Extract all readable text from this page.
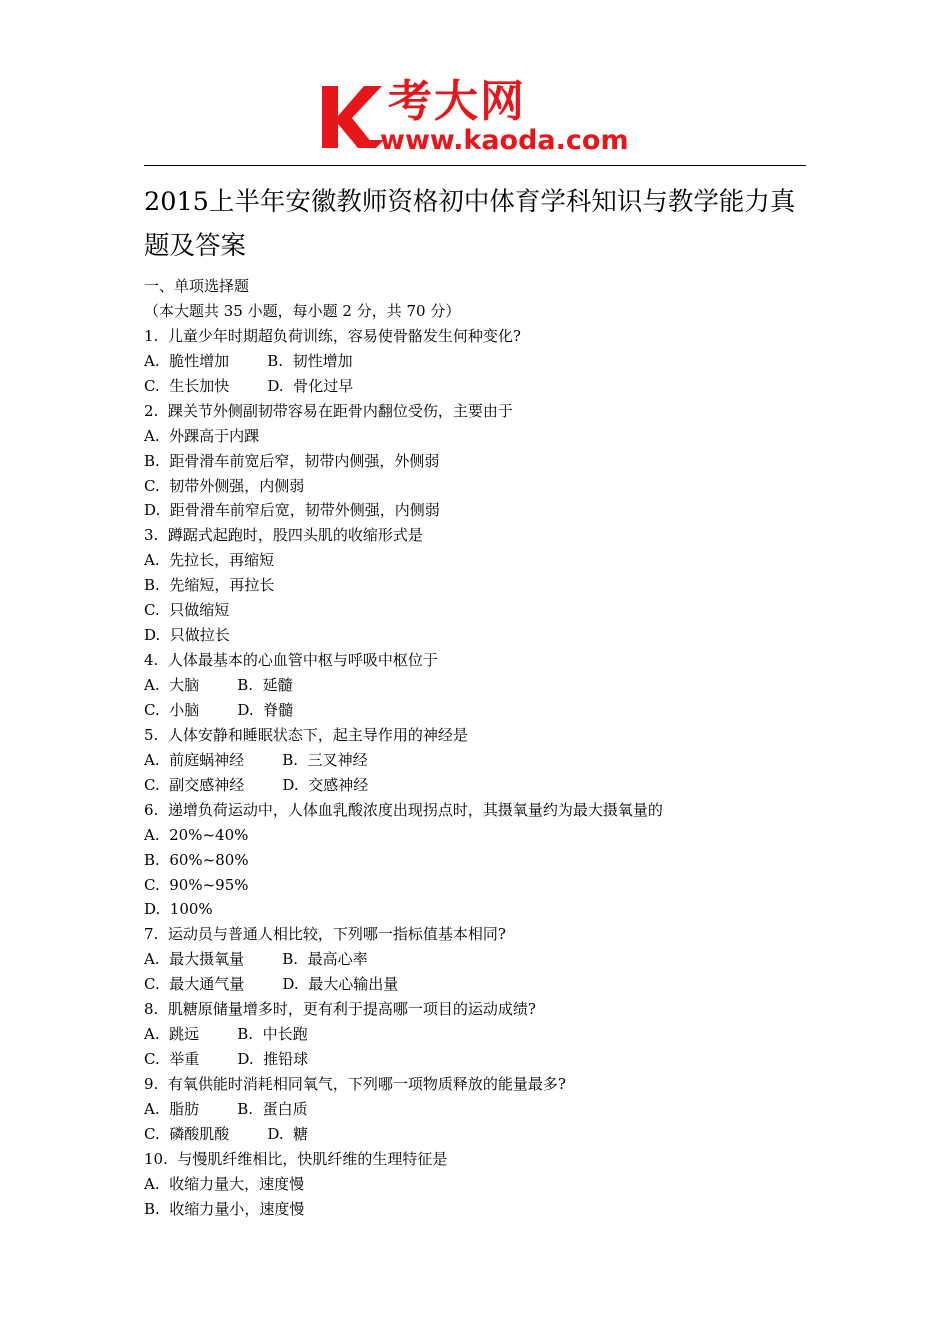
考大网
www.kaoda.com
2015上半年安徽教师资格初中体育学科知识与教学能力真题及答案
一、单项选择题
（本大题共 35 小题，每小题 2 分，共 70 分）
1.  儿童少年时期超负荷训练，容易使骨骼发生何种变化?
A.  脆性增加        B.  韧性增加
C.  生长加快        D.  骨化过早
2.  踝关节外侧副韧带容易在距骨内翻位受伤，主要由于
A.  外踝高于内踝
B.  距骨滑车前宽后窄，韧带内侧强，外侧弱
C.  韧带外侧强，内侧弱
D.  距骨滑车前窄后宽，韧带外侧强，内侧弱
3.  蹲踞式起跑时，股四头肌的收缩形式是
A.  先拉长，再缩短
B.  先缩短，再拉长
C.  只做缩短
D.  只做拉长
4.  人体最基本的心血管中枢与呼吸中枢位于
A.  大脑        B.  延髓
C.  小脑        D.  脊髓
5.  人体安静和睡眠状态下，起主导作用的神经是
A.  前庭蜗神经        B.  三叉神经
C.  副交感神经        D.  交感神经
6.  递增负荷运动中，人体血乳酸浓度出现拐点时，其摄氧量约为最大摄氧量的
A.  20%~40%
B.  60%~80%
C.  90%~95%
D.  100%
7.  运动员与普通人相比较，下列哪一指标值基本相同?
A.  最大摄氧量        B.  最高心率
C.  最大通气量        D.  最大心输出量
8.  肌糖原储量增多时，更有利于提高哪一项目的运动成绩?
A.  跳远        B.  中长跑
C.  举重        D.  推铅球
9.  有氧供能时消耗相同氧气，下列哪一项物质释放的能量最多?
A.  脂肪        B.  蛋白质
C.  磷酸肌酸        D.  糖
10.  与慢肌纤维相比，快肌纤维的生理特征是
A.  收缩力量大，速度慢
B.  收缩力量小，速度慢
